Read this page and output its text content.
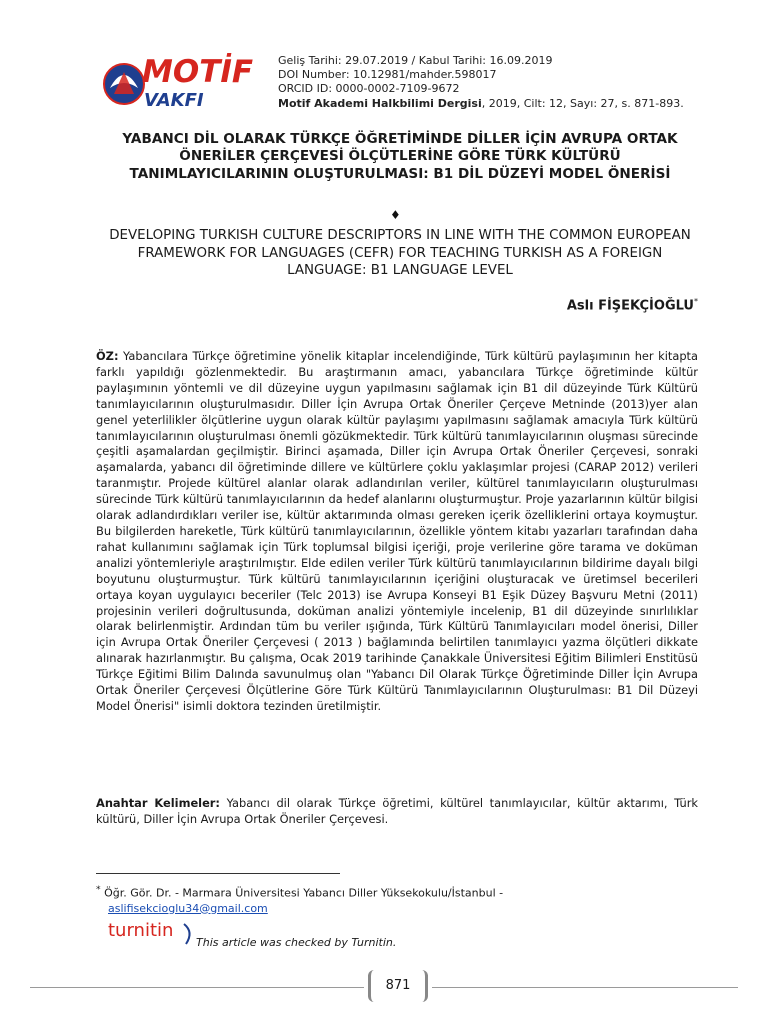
MOTİF
VAKFI
Geliş Tarihi: 29.07.2019 / Kabul Tarihi: 16.09.2019
DOI Number: 10.12981/mahder.598017
ORCID ID: 0000-0002-7109-9672
Motif Akademi Halkbilimi Dergisi, 2019, Cilt: 12, Sayı: 27, s. 871-893.
YABANCI DİL OLARAK TÜRKÇE ÖĞRETİMİNDE DİLLER İÇİN AVRUPA ORTAK ÖNERİLER ÇERÇEVESİ ÖLÇÜTLERİNE GÖRE TÜRK KÜLTÜRÜ TANIMLAYICILARININ OLUŞTURULMASI: B1 DİL DÜZEYİ MODEL ÖNERİSİ
♦
DEVELOPING TURKISH CULTURE DESCRIPTORS IN LINE WITH THE COMMON EUROPEAN FRAMEWORK FOR LANGUAGES (CEFR) FOR TEACHING TURKISH AS A FOREIGN LANGUAGE: B1 LANGUAGE LEVEL
Aslı FİŞEKÇİOĞLU*
ÖZ: Yabancılara Türkçe öğretimine yönelik kitaplar incelendiğinde, Türk kültürü paylaşımının her kitapta farklı yapıldığı gözlenmektedir. Bu araştırmanın amacı, yabancılara Türkçe öğretiminde kültür paylaşımının yöntemli ve dil düzeyine uygun yapılmasını sağlamak için B1 dil düzeyinde Türk Kültürü tanımlayıcılarının oluşturulmasıdır. Diller İçin Avrupa Ortak Öneriler Çerçeve Metninde (2013)yer alan genel yeterlilikler ölçütlerine uygun olarak kültür paylaşımı yapılmasını sağlamak amacıyla Türk kültürü tanımlayıcılarının oluşturulması önemli gözükmektedir. Türk kültürü tanımlayıcılarının oluşması sürecinde çeşitli aşamalardan geçilmiştir. Birinci aşamada, Diller için Avrupa Ortak Öneriler Çerçevesi, sonraki aşamalarda, yabancı dil öğretiminde dillere ve kültürlere çoklu yaklaşımlar projesi (CARAP 2012) verileri taranmıştır. Projede kültürel alanlar olarak adlandırılan veriler, kültürel tanımlayıcıların oluşturulması sürecinde Türk kültürü tanımlayıcılarının da hedef alanlarını oluşturmuştur. Proje yazarlarının kültür bilgisi olarak adlandırdıkları veriler ise, kültür aktarımında olması gereken içerik özelliklerini ortaya koymuştur. Bu bilgilerden hareketle, Türk kültürü tanımlayıcılarının, özellikle yöntem kitabı yazarları tarafından daha rahat kullanımını sağlamak için Türk toplumsal bilgisi içeriği, proje verilerine göre tarama ve doküman analizi yöntemleriyle araştırılmıştır. Elde edilen veriler Türk kültürü tanımlayıcılarının bildirime dayalı bilgi boyutunu oluşturmuştur. Türk kültürü tanımlayıcılarının içeriğini oluşturacak ve üretimsel becerileri ortaya koyan uygulayıcı beceriler (Telc 2013) ise Avrupa Konseyi B1 Eşik Düzey Başvuru Metni (2011) projesinin verileri doğrultusunda, doküman analizi yöntemiyle incelenip, B1 dil düzeyinde sınırlılıklar olarak belirlenmiştir. Ardından tüm bu veriler ışığında, Türk Kültürü Tanımlayıcıları model önerisi, Diller için Avrupa Ortak Öneriler Çerçevesi ( 2013 ) bağlamında belirtilen tanımlayıcı yazma ölçütleri dikkate alınarak hazırlanmıştır. Bu çalışma, Ocak 2019 tarihinde Çanakkale Üniversitesi Eğitim Bilimleri Enstitüsü Türkçe Eğitimi Bilim Dalında savunulmuş olan "Yabancı Dil Olarak Türkçe Öğretiminde Diller İçin Avrupa Ortak Öneriler Çerçevesi Ölçütlerine Göre Türk Kültürü Tanımlayıcılarının Oluşturulması: B1 Dil Düzeyi Model Önerisi" isimli doktora tezinden üretilmiştir.
Anahtar Kelimeler: Yabancı dil olarak Türkçe öğretimi, kültürel tanımlayıcılar, kültür aktarımı, Türk kültürü, Diller İçin Avrupa Ortak Öneriler Çerçevesi.
* Öğr. Gör. Dr. - Marmara Üniversitesi Yabancı Diller Yüksekokulu/İstanbul -
aslifisekcioglu34@gmail.com
turnitin
This article was checked by Turnitin.
871
